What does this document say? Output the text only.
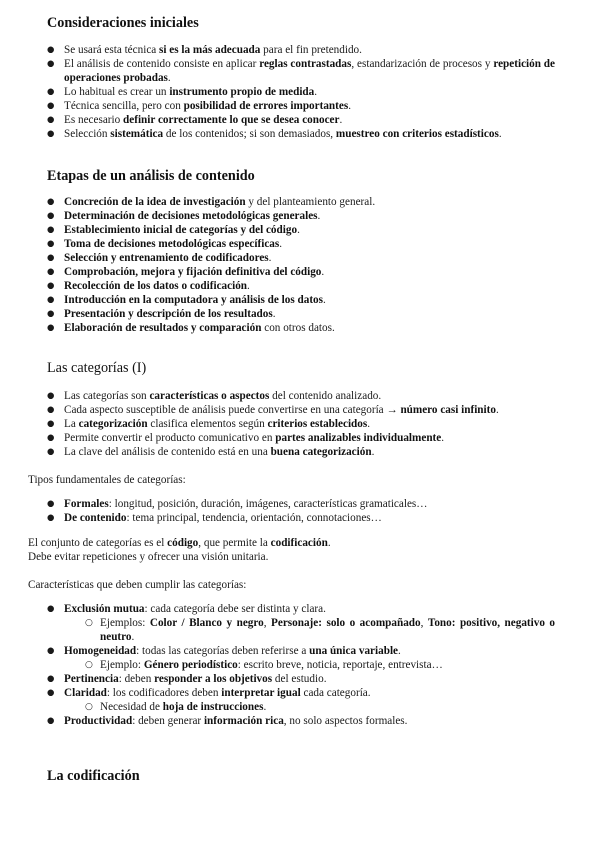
Consideraciones iniciales
● Se usará esta técnica si es la más adecuada para el fin pretendido.
● El análisis de contenido consiste en aplicar reglas contrastadas, estandarización de procesos y repetición de operaciones probadas.
● Lo habitual es crear un instrumento propio de medida.
● Técnica sencilla, pero con posibilidad de errores importantes.
● Es necesario definir correctamente lo que se desea conocer.
● Selección sistemática de los contenidos; si son demasiados, muestreo con criterios estadísticos.
Etapas de un análisis de contenido
● Concreción de la idea de investigación y del planteamiento general.
● Determinación de decisiones metodológicas generales.
● Establecimiento inicial de categorías y del código.
● Toma de decisiones metodológicas específicas.
● Selección y entrenamiento de codificadores.
● Comprobación, mejora y fijación definitiva del código.
● Recolección de los datos o codificación.
● Introducción en la computadora y análisis de los datos.
● Presentación y descripción de los resultados.
● Elaboración de resultados y comparación con otros datos.
Las categorías (I)
● Las categorías son características o aspectos del contenido analizado.
● Cada aspecto susceptible de análisis puede convertirse en una categoría → número casi infinito.
● La categorización clasifica elementos según criterios establecidos.
● Permite convertir el producto comunicativo en partes analizables individualmente.
● La clave del análisis de contenido está en una buena categorización.

Tipos fundamentales de categorías:

● Formales: longitud, posición, duración, imágenes, características gramaticales…
● De contenido: tema principal, tendencia, orientación, connotaciones…

El conjunto de categorías es el código, que permite la codificación.
Debe evitar repeticiones y ofrecer una visión unitaria.

Características que deben cumplir las categorías:

● Exclusión mutua: cada categoría debe ser distinta y clara.
○ Ejemplos: Color / Blanco y negro, Personaje: solo o acompañado, Tono: positivo, negativo o neutro.
● Homogeneidad: todas las categorías deben referirse a una única variable.
○ Ejemplo: Género periodístico: escrito breve, noticia, reportaje, entrevista…
● Pertinencia: deben responder a los objetivos del estudio.
● Claridad: los codificadores deben interpretar igual cada categoría.
○ Necesidad de hoja de instrucciones.
● Productividad: deben generar información rica, no solo aspectos formales.
La codificación
